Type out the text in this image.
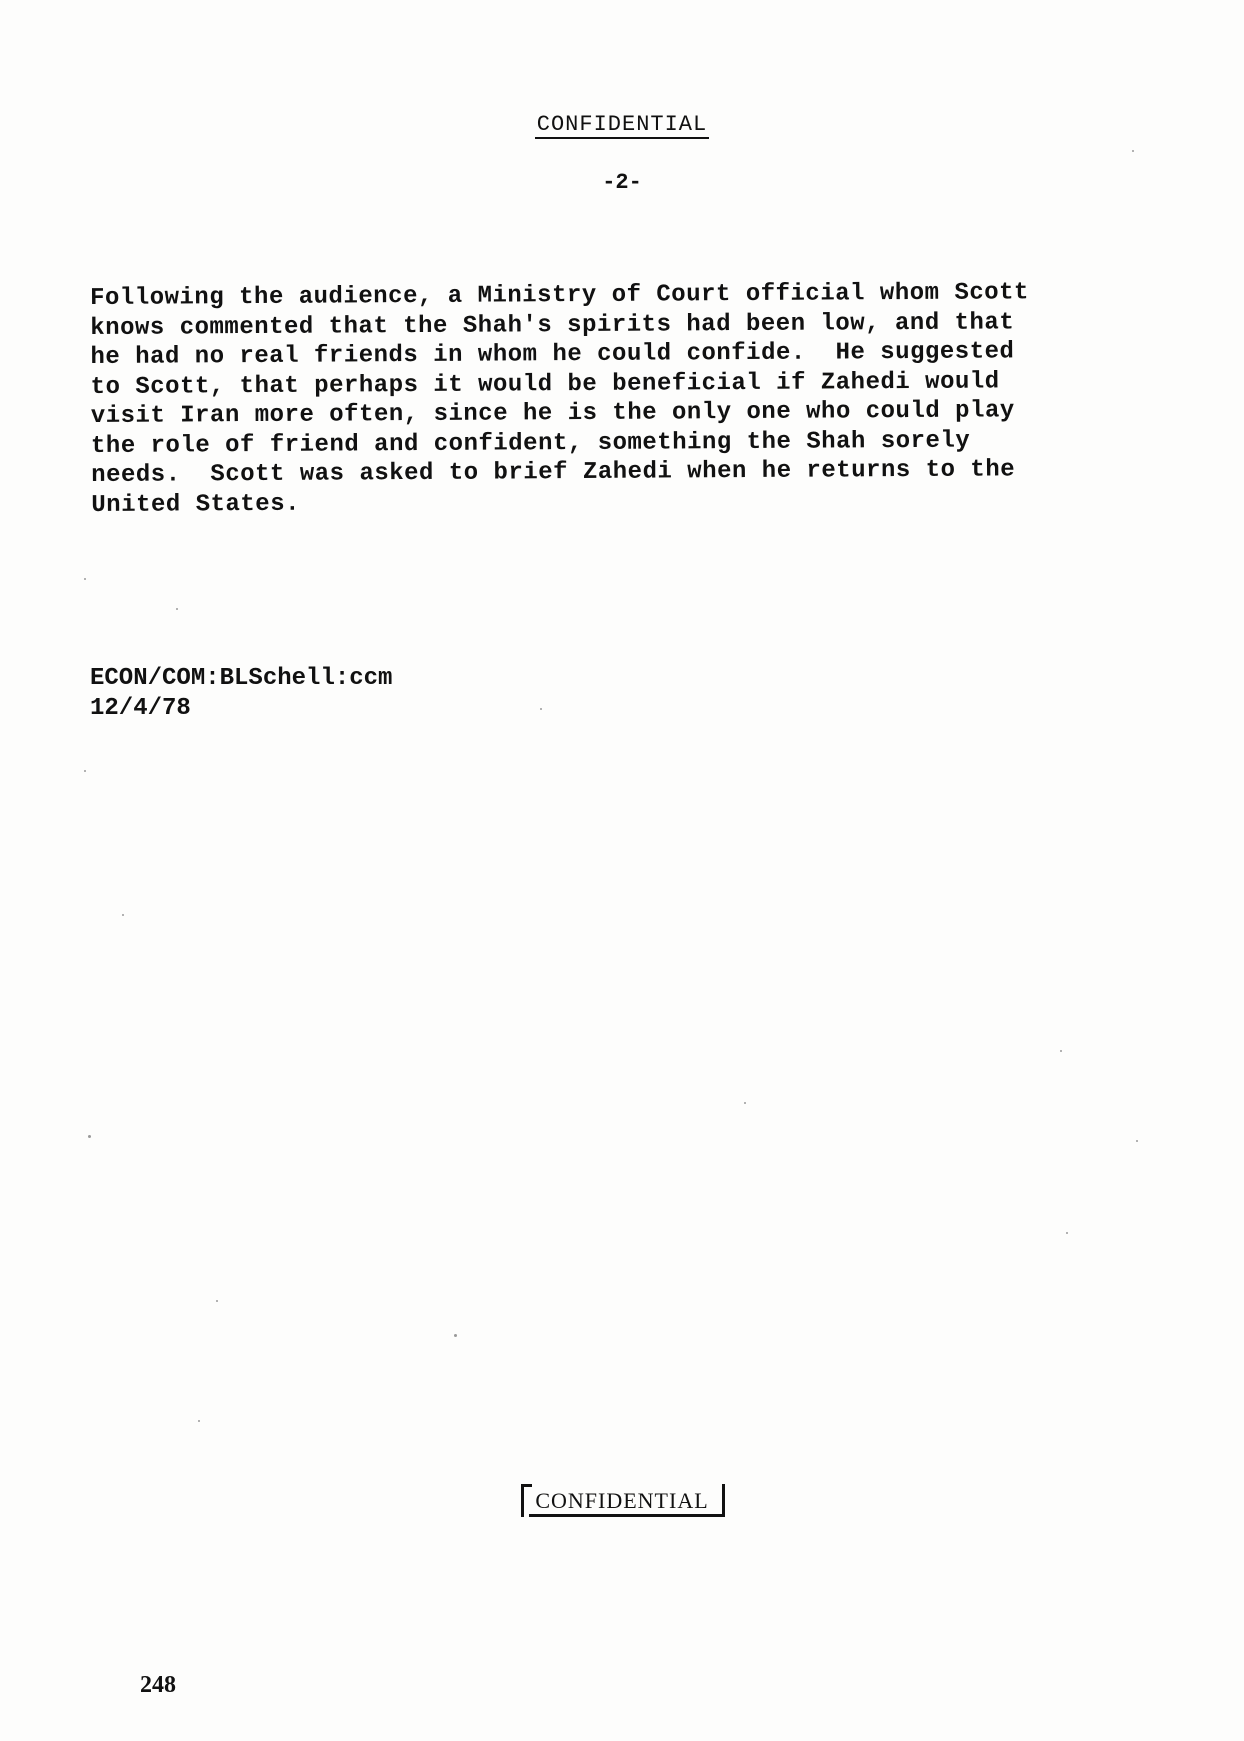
CONFIDENTIAL
-2-

Following the audience, a Ministry of Court official whom Scott
knows commented that the Shah's spirits had been low, and that
he had no real friends in whom he could confide.  He suggested
to Scott, that perhaps it would be beneficial if Zahedi would
visit Iran more often, since he is the only one who could play
the role of friend and confident, something the Shah sorely
needs.  Scott was asked to brief Zahedi when he returns to the
United States.

ECON/COM:BLSchell:ccm
12/4/78
CONFIDENTIAL
248
